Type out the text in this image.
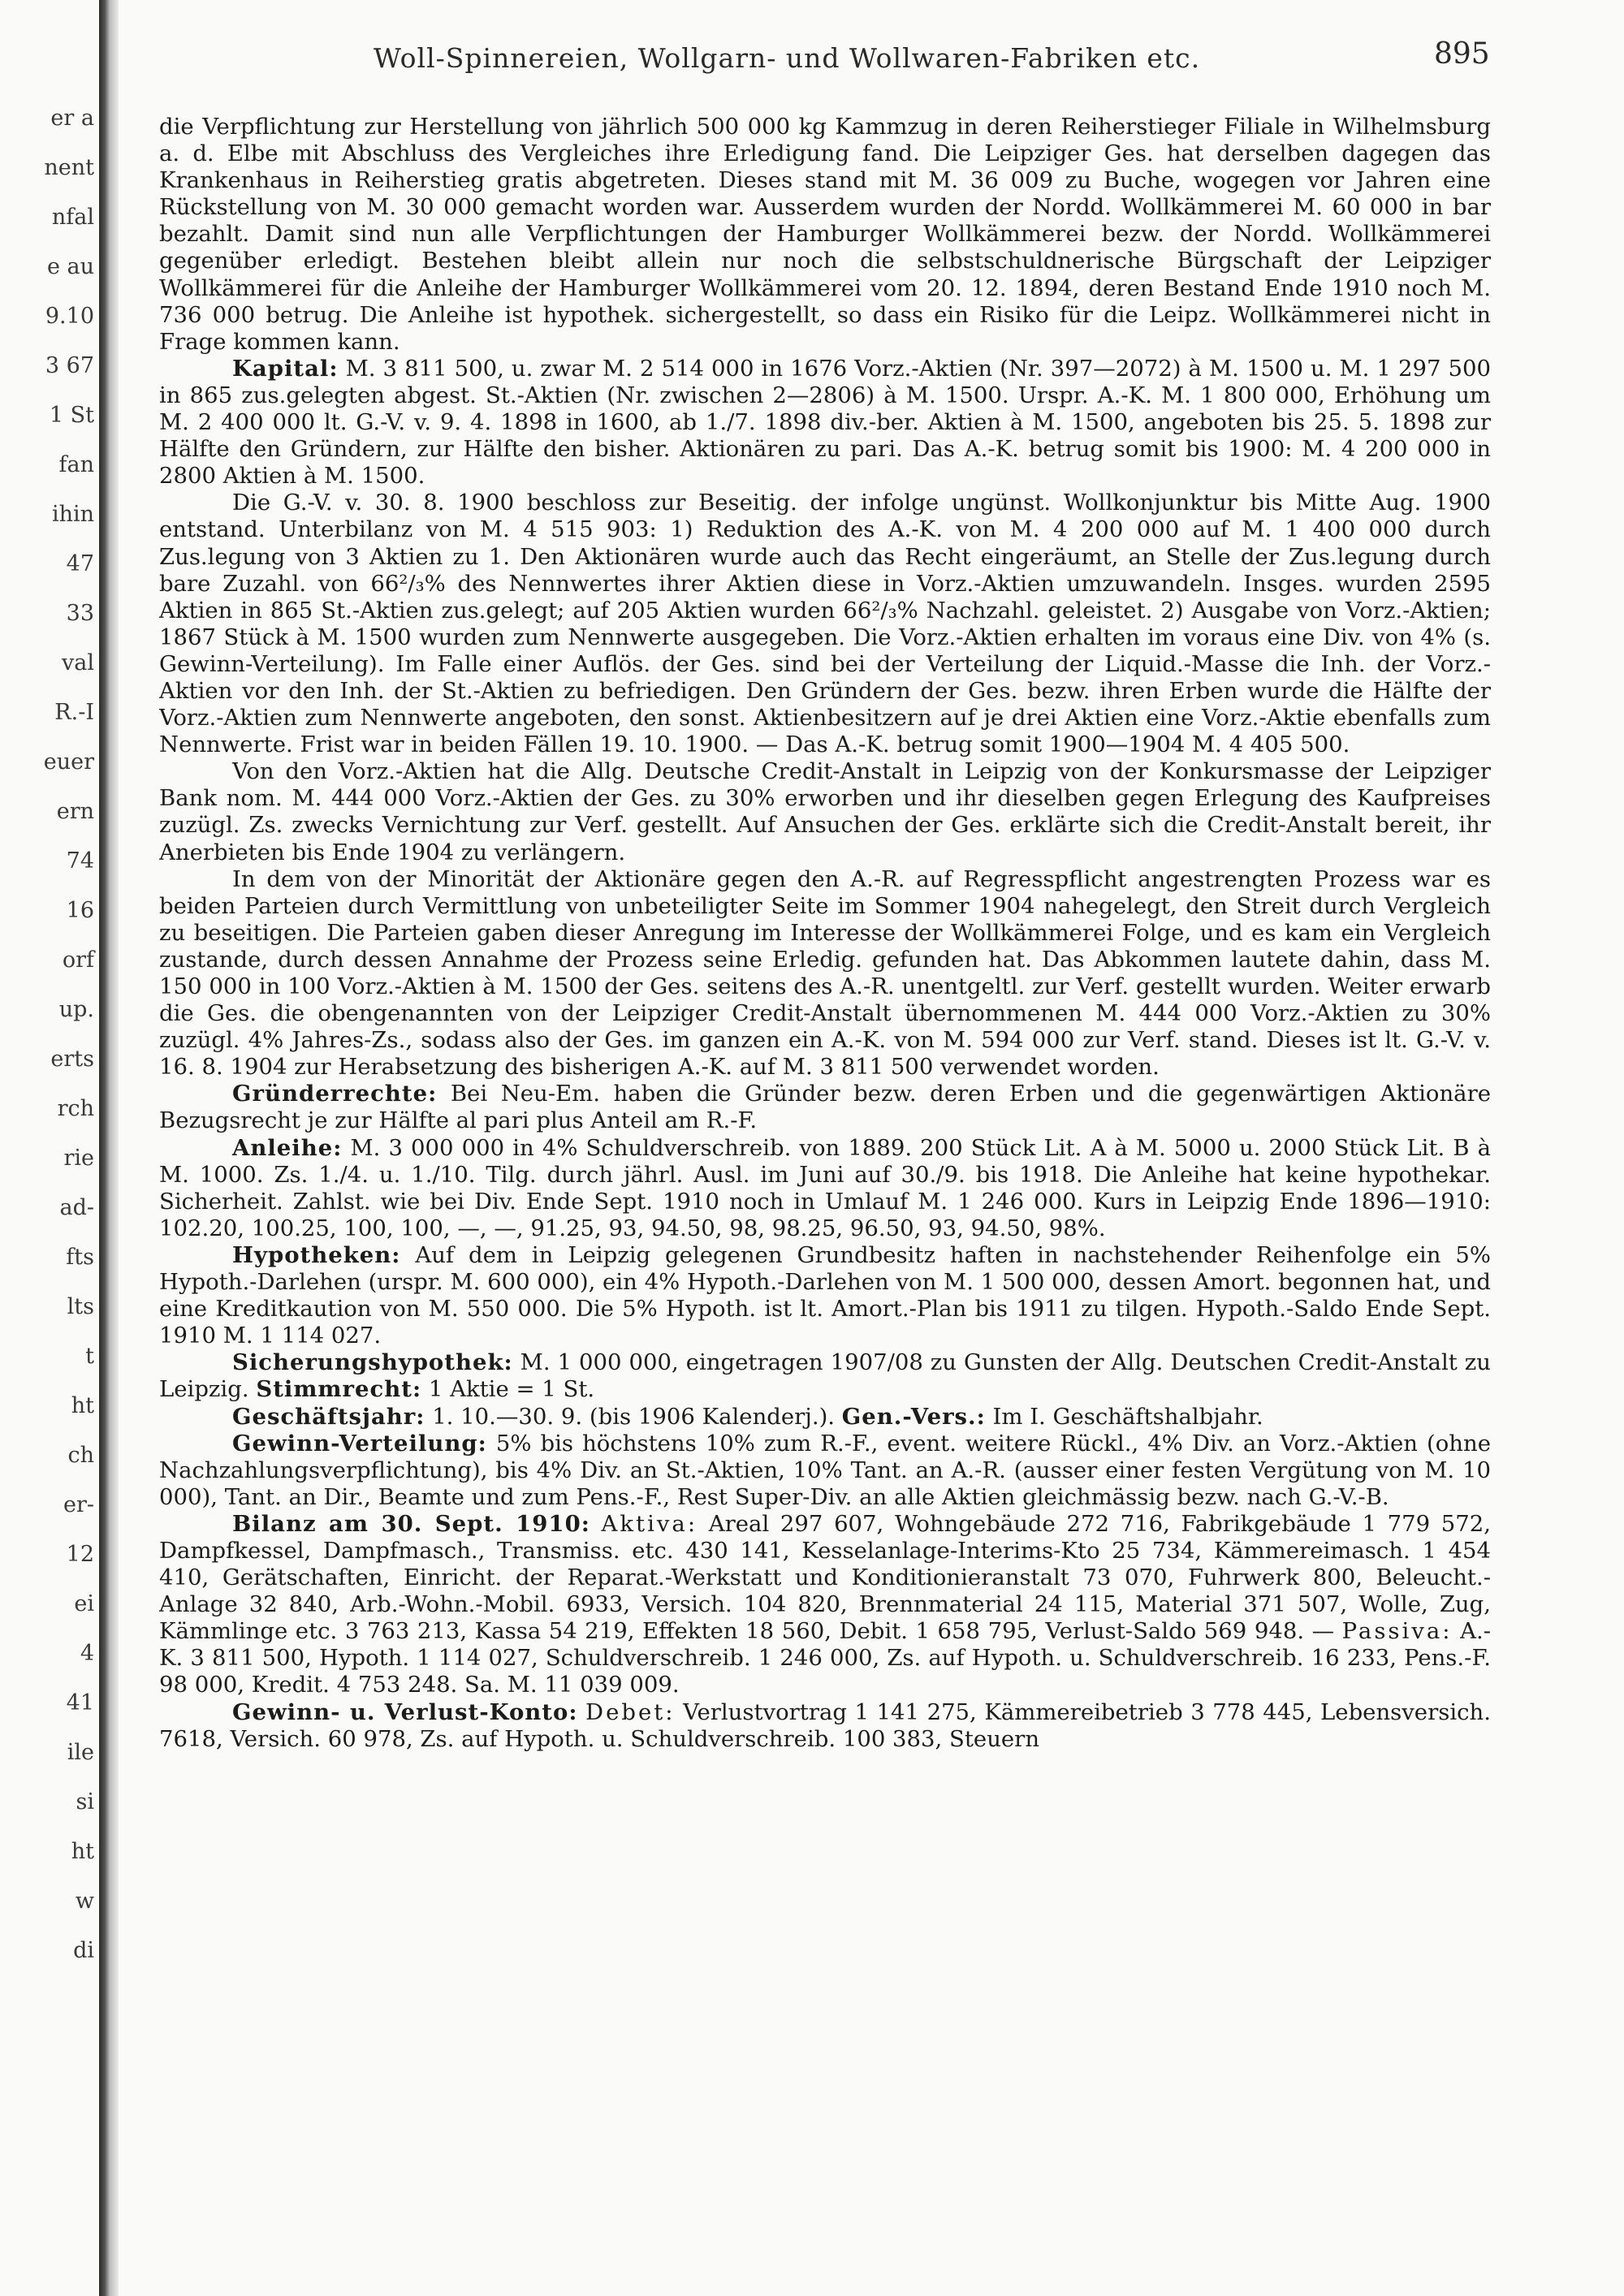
er a
nent
nfal
e au
9.10
3 67
1 St
fan
ihin
47
33
val
R.-I
euer
ern
74
16
orf
up.
erts
rch
rie
ad-
fts
lts
t
ht
ch
er-
12
ei
4
41
ile
si
ht
w
di
Woll-Spinnereien, Wollgarn- und Wollwaren-Fabriken etc.	895

die Verpflichtung zur Herstellung von jährlich 500 000 kg Kammzug in deren Reiherstieger Filiale in Wilhelmsburg a. d. Elbe mit Abschluss des Vergleiches ihre Erledigung fand. Die Leipziger Ges. hat derselben dagegen das Krankenhaus in Reiherstieg gratis abgetreten. Dieses stand mit M. 36 009 zu Buche, wogegen vor Jahren eine Rückstellung von M. 30 000 gemacht worden war. Ausserdem wurden der Nordd. Wollkämmerei M. 60 000 in bar bezahlt. Damit sind nun alle Verpflichtungen der Hamburger Wollkämmerei bezw. der Nordd. Wollkämmerei gegenüber erledigt. Bestehen bleibt allein nur noch die selbstschuldnerische Bürgschaft der Leipziger Wollkämmerei für die Anleihe der Hamburger Wollkämmerei vom 20. 12. 1894, deren Bestand Ende 1910 noch M. 736 000 betrug. Die Anleihe ist hypothek. sichergestellt, so dass ein Risiko für die Leipz. Wollkämmerei nicht in Frage kommen kann.

Kapital: M. 3 811 500, u. zwar M. 2 514 000 in 1676 Vorz.-Aktien (Nr. 397—2072) à M. 1500 u. M. 1 297 500 in 865 zus.gelegten abgest. St.-Aktien (Nr. zwischen 2—2806) à M. 1500. Urspr. A.-K. M. 1 800 000, Erhöhung um M. 2 400 000 lt. G.-V. v. 9. 4. 1898 in 1600, ab 1./7. 1898 div.-ber. Aktien à M. 1500, angeboten bis 25. 5. 1898 zur Hälfte den Gründern, zur Hälfte den bisher. Aktionären zu pari. Das A.-K. betrug somit bis 1900: M. 4 200 000 in 2800 Aktien à M. 1500.

Die G.-V. v. 30. 8. 1900 beschloss zur Beseitig. der infolge ungünst. Wollkonjunktur bis Mitte Aug. 1900 entstand. Unterbilanz von M. 4 515 903: 1) Reduktion des A.-K. von M. 4 200 000 auf M. 1 400 000 durch Zus.legung von 3 Aktien zu 1. Den Aktionären wurde auch das Recht eingeräumt, an Stelle der Zus.legung durch bare Zuzahl. von 66²/₃% des Nennwertes ihrer Aktien diese in Vorz.-Aktien umzuwandeln. Insges. wurden 2595 Aktien in 865 St.-Aktien zus.gelegt; auf 205 Aktien wurden 66²/₃% Nachzahl. geleistet. 2) Ausgabe von Vorz.-Aktien; 1867 Stück à M. 1500 wurden zum Nennwerte ausgegeben. Die Vorz.-Aktien erhalten im voraus eine Div. von 4% (s. Gewinn-Verteilung). Im Falle einer Auflös. der Ges. sind bei der Verteilung der Liquid.-Masse die Inh. der Vorz.-Aktien vor den Inh. der St.-Aktien zu befriedigen. Den Gründern der Ges. bezw. ihren Erben wurde die Hälfte der Vorz.-Aktien zum Nennwerte angeboten, den sonst. Aktienbesitzern auf je drei Aktien eine Vorz.-Aktie ebenfalls zum Nennwerte. Frist war in beiden Fällen 19. 10. 1900. — Das A.-K. betrug somit 1900—1904 M. 4 405 500.

Von den Vorz.-Aktien hat die Allg. Deutsche Credit-Anstalt in Leipzig von der Konkursmasse der Leipziger Bank nom. M. 444 000 Vorz.-Aktien der Ges. zu 30% erworben und ihr dieselben gegen Erlegung des Kaufpreises zuzügl. Zs. zwecks Vernichtung zur Verf. gestellt. Auf Ansuchen der Ges. erklärte sich die Credit-Anstalt bereit, ihr Anerbieten bis Ende 1904 zu verlängern.

In dem von der Minorität der Aktionäre gegen den A.-R. auf Regresspflicht angestrengten Prozess war es beiden Parteien durch Vermittlung von unbeteiligter Seite im Sommer 1904 nahegelegt, den Streit durch Vergleich zu beseitigen. Die Parteien gaben dieser Anregung im Interesse der Wollkämmerei Folge, und es kam ein Vergleich zustande, durch dessen Annahme der Prozess seine Erledig. gefunden hat. Das Abkommen lautete dahin, dass M. 150 000 in 100 Vorz.-Aktien à M. 1500 der Ges. seitens des A.-R. unentgeltl. zur Verf. gestellt wurden. Weiter erwarb die Ges. die obengenannten von der Leipziger Credit-Anstalt übernommenen M. 444 000 Vorz.-Aktien zu 30% zuzügl. 4% Jahres-Zs., sodass also der Ges. im ganzen ein A.-K. von M. 594 000 zur Verf. stand. Dieses ist lt. G.-V. v. 16. 8. 1904 zur Herabsetzung des bisherigen A.-K. auf M. 3 811 500 verwendet worden.

Gründerrechte: Bei Neu-Em. haben die Gründer bezw. deren Erben und die gegenwärtigen Aktionäre Bezugsrecht je zur Hälfte al pari plus Anteil am R.-F.

Anleihe: M. 3 000 000 in 4% Schuldverschreib. von 1889. 200 Stück Lit. A à M. 5000 u. 2000 Stück Lit. B à M. 1000. Zs. 1./4. u. 1./10. Tilg. durch jährl. Ausl. im Juni auf 30./9. bis 1918. Die Anleihe hat keine hypothekar. Sicherheit. Zahlst. wie bei Div. Ende Sept. 1910 noch in Umlauf M. 1 246 000. Kurs in Leipzig Ende 1896—1910: 102.20, 100.25, 100, 100, —, —, 91.25, 93, 94.50, 98, 98.25, 96.50, 93, 94.50, 98%.

Hypotheken: Auf dem in Leipzig gelegenen Grundbesitz haften in nachstehender Reihenfolge ein 5% Hypoth.-Darlehen (urspr. M. 600 000), ein 4% Hypoth.-Darlehen von M. 1 500 000, dessen Amort. begonnen hat, und eine Kreditkaution von M. 550 000. Die 5% Hypoth. ist lt. Amort.-Plan bis 1911 zu tilgen. Hypoth.-Saldo Ende Sept. 1910 M. 1 114 027.

Sicherungshypothek: M. 1 000 000, eingetragen 1907/08 zu Gunsten der Allg. Deutschen Credit-Anstalt zu Leipzig. Stimmrecht: 1 Aktie = 1 St.

Geschäftsjahr: 1. 10.—30. 9. (bis 1906 Kalenderj.). Gen.-Vers.: Im I. Geschäftshalbjahr.

Gewinn-Verteilung: 5% bis höchstens 10% zum R.-F., event. weitere Rückl., 4% Div. an Vorz.-Aktien (ohne Nachzahlungsverpflichtung), bis 4% Div. an St.-Aktien, 10% Tant. an A.-R. (ausser einer festen Vergütung von M. 10 000), Tant. an Dir., Beamte und zum Pens.-F., Rest Super-Div. an alle Aktien gleichmässig bezw. nach G.-V.-B.

Bilanz am 30. Sept. 1910: Aktiva: Areal 297 607, Wohngebäude 272 716, Fabrikgebäude 1 779 572, Dampfkessel, Dampfmasch., Transmiss. etc. 430 141, Kesselanlage-Interims-Kto 25 734, Kämmereimasch. 1 454 410, Gerätschaften, Einricht. der Reparat.-Werkstatt und Konditionieranstalt 73 070, Fuhrwerk 800, Beleucht.-Anlage 32 840, Arb.-Wohn.-Mobil. 6933, Versich. 104 820, Brennmaterial 24 115, Material 371 507, Wolle, Zug, Kämmlinge etc. 3 763 213, Kassa 54 219, Effekten 18 560, Debit. 1 658 795, Verlust-Saldo 569 948. — Passiva: A.-K. 3 811 500, Hypoth. 1 114 027, Schuldverschreib. 1 246 000, Zs. auf Hypoth. u. Schuldverschreib. 16 233, Pens.-F. 98 000, Kredit. 4 753 248. Sa. M. 11 039 009.

Gewinn- u. Verlust-Konto: Debet: Verlustvortrag 1 141 275, Kämmereibetrieb 3 778 445, Lebensversich. 7618, Versich. 60 978, Zs. auf Hypoth. u. Schuldverschreib. 100 383, Steuern
